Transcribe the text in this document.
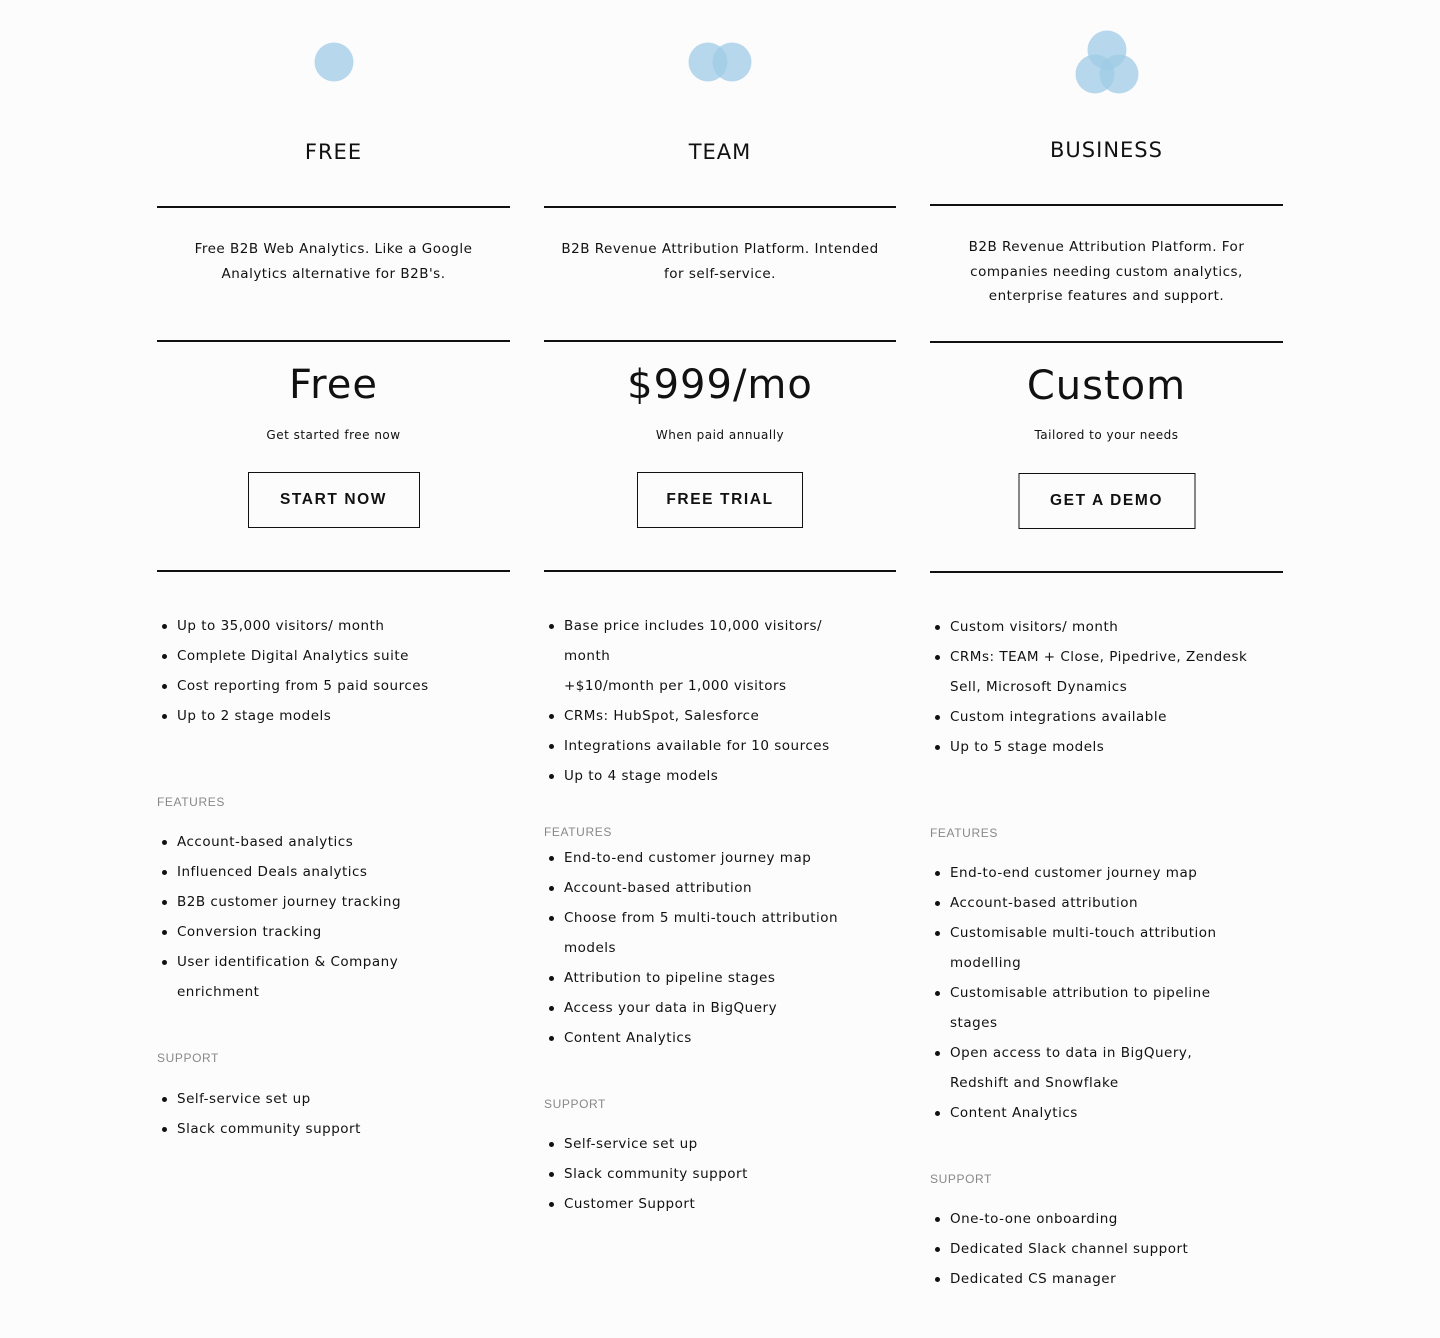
FREE
Free B2B Web Analytics. Like a Google Analytics alternative for B2B's.
Free
Get started free now
START NOW
Up to 35,000 visitors/ month
Complete Digital Analytics suite
Cost reporting from 5 paid sources
Up to 2 stage models
FEATURES
Account-based analytics
Influenced Deals analytics
B2B customer journey tracking
Conversion tracking
User identification & Company enrichment
SUPPORT
Self-service set up
Slack community support
TEAM
B2B Revenue Attribution Platform. Intended for self-service.
$999/mo
When paid annually
FREE TRIAL
Base price includes 10,000 visitors/ month
+$10/month per 1,000 visitors
CRMs: HubSpot, Salesforce
Integrations available for 10 sources
Up to 4 stage models
FEATURES
End-to-end customer journey map
Account-based attribution
Choose from 5 multi-touch attribution models
Attribution to pipeline stages
Access your data in BigQuery
Content Analytics
SUPPORT
Self-service set up
Slack community support
Customer Support
BUSINESS
B2B Revenue Attribution Platform. For companies needing custom analytics, enterprise features and support.
Custom
Tailored to your needs
GET A DEMO
Custom visitors/ month
CRMs: TEAM + Close, Pipedrive, Zendesk Sell, Microsoft Dynamics
Custom integrations available
Up to 5 stage models
FEATURES
End-to-end customer journey map
Account-based attribution
Customisable multi-touch attribution modelling
Customisable attribution to pipeline stages
Open access to data in BigQuery, Redshift and Snowflake
Content Analytics
SUPPORT
One-to-one onboarding
Dedicated Slack channel support
Dedicated CS manager
